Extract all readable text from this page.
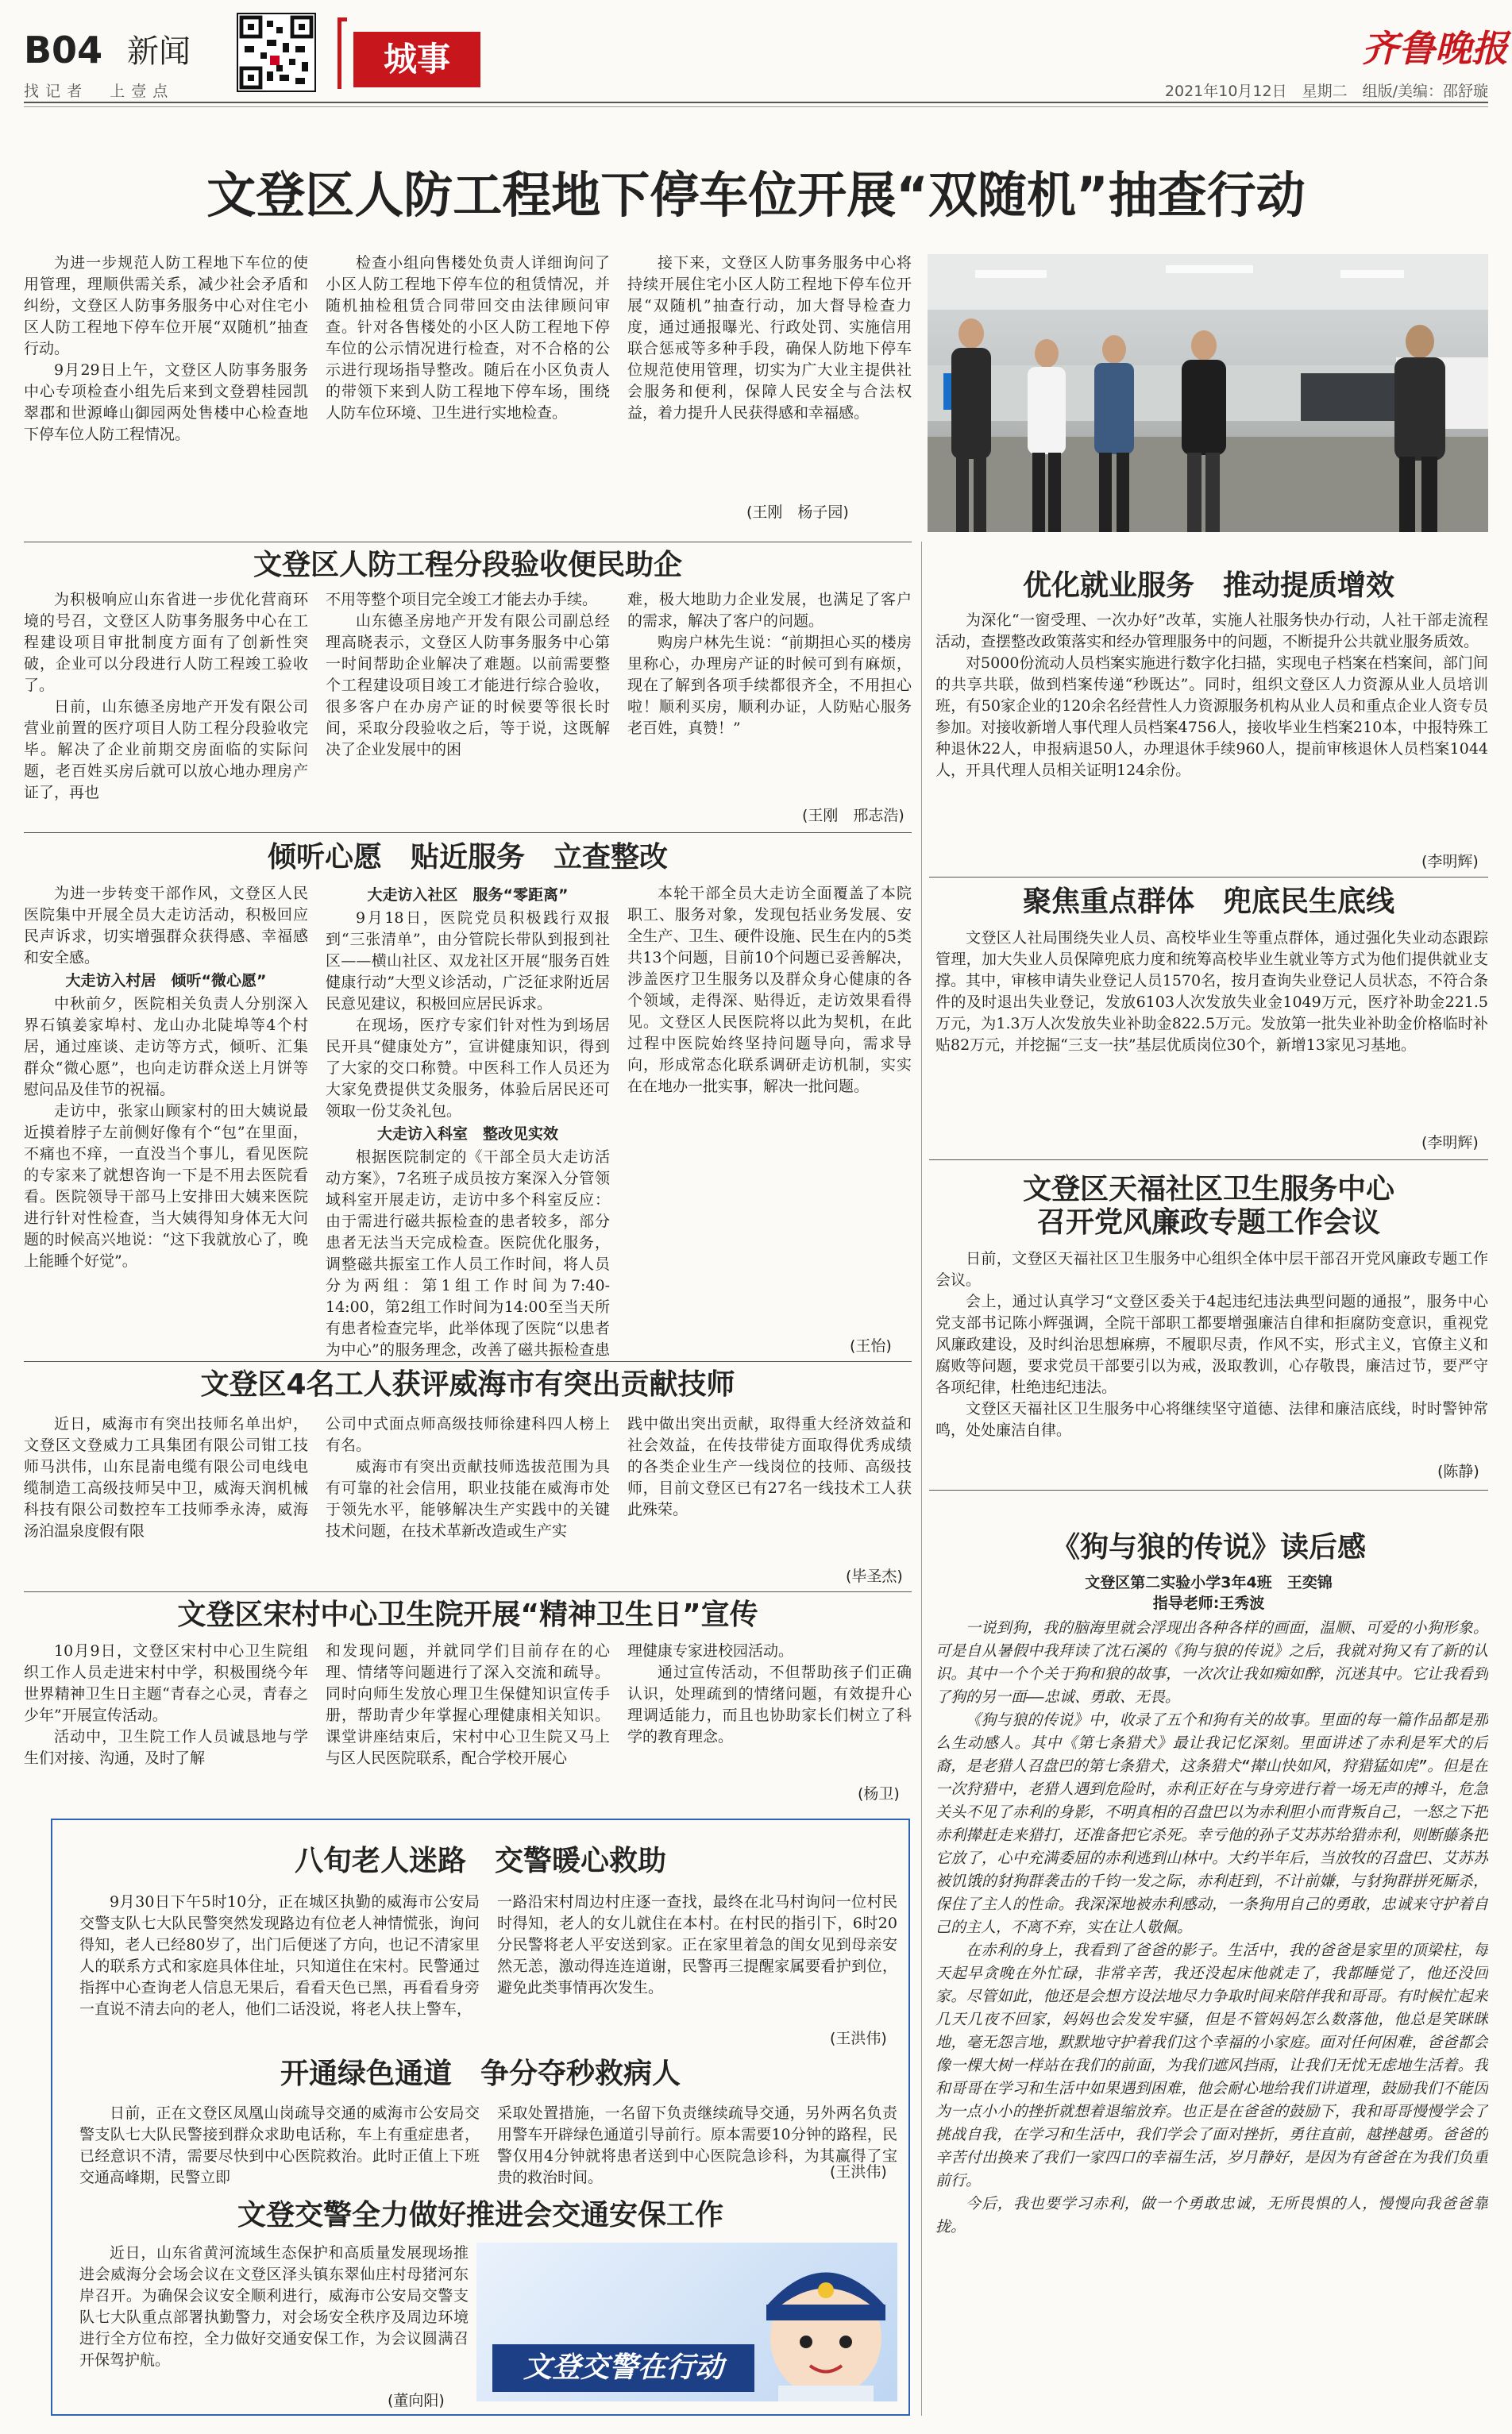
B04 新闻
找 记 者 　 上 壹 点
城事	齐鲁晚报
2021年10月12日　星期二　组版/美编：邵舒璇
文登区人防工程地下停车位开展“双随机”抽查行动

为进一步规范人防工程地下车位的使用管理，理顺供需关系，减少社会矛盾和纠纷，文登区人防事务服务中心对住宅小区人防工程地下停车位开展“双随机”抽查行动。

9月29日上午，文登区人防事务服务中心专项检查小组先后来到文登碧桂园凯翠郡和世源峰山御园两处售楼中心检查地下停车位人防工程情况。

检查小组向售楼处负责人详细询问了小区人防工程地下停车位的租赁情况，并随机抽检租赁合同带回交由法律顾问审查。针对各售楼处的小区人防工程地下停车位的公示情况进行检查，对不合格的公示进行现场指导整改。随后在小区负责人的带领下来到人防工程地下停车场，围绕人防车位环境、卫生进行实地检查。

接下来，文登区人防事务服务中心将持续开展住宅小区人防工程地下停车位开展“双随机”抽查行动，加大督导检查力度，通过通报曝光、行政处罚、实施信用联合惩戒等多种手段，确保人防地下停车位规范使用管理，切实为广大业主提供社会服务和便利，保障人民安全与合法权益，着力提升人民获得感和幸福感。

(王刚　杨子园)
文登区人防工程分段验收便民助企

为积极响应山东省进一步优化营商环境的号召，文登区人防事务服务中心在工程建设项目审批制度方面有了创新性突破，企业可以分段进行人防工程竣工验收了。

日前，山东德圣房地产开发有限公司营业前置的医疗项目人防工程分段验收完毕。解决了企业前期交房面临的实际问题，老百姓买房后就可以放心地办理房产证了，再也

不用等整个项目完全竣工才能去办手续。

山东德圣房地产开发有限公司副总经理高晓表示，文登区人防事务服务中心第一时间帮助企业解决了难题。以前需要整个工程建设项目竣工才能进行综合验收，很多客户在办房产证的时候要等很长时间，采取分段验收之后，等于说，这既解决了企业发展中的困

难，极大地助力企业发展，也满足了客户的需求，解决了客户的问题。

购房户林先生说：“前期担心买的楼房里称心，办理房产证的时候可到有麻烦，现在了解到各项手续都很齐全，不用担心啦！顺利买房，顺利办证，人防贴心服务老百姓，真赞！”

(王刚　邢志浩)
倾听心愿　贴近服务　立查整改

为进一步转变干部作风，文登区人民医院集中开展全员大走访活动，积极回应民声诉求，切实增强群众获得感、幸福感和安全感。

大走访入村居　倾听“微心愿”

中秋前夕，医院相关负责人分别深入界石镇姜家埠村、龙山办北陡埠等4个村居，通过座谈、走访等方式，倾听、汇集群众“微心愿”，也向走访群众送上月饼等慰问品及佳节的祝福。

走访中，张家山顾家村的田大姨说最近摸着脖子左前侧好像有个“包”在里面，不痛也不痒，一直没当个事儿，看见医院的专家来了就想咨询一下是不用去医院看看。医院领导干部马上安排田大姨来医院进行针对性检查，当大姨得知身体无大问题的时候高兴地说：“这下我就放心了，晚上能睡个好觉”。

大走访入社区　服务“零距离”

9月18日，医院党员积极践行双报到“三张清单”，由分管院长带队到报到社区——横山社区、双龙社区开展“服务百姓健康行动”大型义诊活动，广泛征求附近居民意见建议，积极回应居民诉求。

在现场，医疗专家们针对性为到场居民开具“健康处方”，宣讲健康知识，得到了大家的交口称赞。中医科工作人员还为大家免费提供艾灸服务，体验后居民还可领取一份艾灸礼包。

大走访入科室　整改见实效

根据医院制定的《干部全员大走访活动方案》，7名班子成员按方案深入分管领域科室开展走访，走访中多个科室反应：由于需进行磁共振检查的患者较多，部分患者无法当天完成检查。医院优化服务，调整磁共振室工作人员工作时间，将人员分为两组：第1组工作时间为7:40-14:00，第2组工作时间为14:00至当天所有患者检查完毕，此举体现了医院“以患者为中心”的服务理念，改善了磁共振检查患

本轮干部全员大走访全面覆盖了本院职工、服务对象，发现包括业务发展、安全生产、卫生、硬件设施、民生在内的5类共13个问题，目前10个问题已妥善解决，涉盖医疗卫生服务以及群众身心健康的各个领域，走得深、贴得近，走访效果看得见。文登区人民医院将以此为契机，在此过程中医院始终坚持问题导向，需求导向，形成常态化联系调研走访机制，实实在在地办一批实事，解决一批问题。

(王怡)
文登区4名工人获评威海市有突出贡献技师

近日，威海市有突出技师名单出炉，文登区文登威力工具集团有限公司钳工技师马洪伟，山东昆嵛电缆有限公司电线电缆制造工高级技师吴中卫，威海天润机械科技有限公司数控车工技师季永涛，威海汤泊温泉度假有限

公司中式面点师高级技师徐建科四人榜上有名。

威海市有突出贡献技师选拔范围为具有可靠的社会信用，职业技能在威海市处于领先水平，能够解决生产实践中的关键技术问题，在技术革新改造或生产实

践中做出突出贡献，取得重大经济效益和社会效益，在传技带徒方面取得优秀成绩的各类企业生产一线岗位的技师、高级技师，目前文登区已有27名一线技术工人获此殊荣。

(毕圣杰)
文登区宋村中心卫生院开展“精神卫生日”宣传

10月9日，文登区宋村中心卫生院组织工作人员走进宋村中学，积极围绕今年世界精神卫生日主题“青春之心灵，青春之少年”开展宣传活动。

活动中，卫生院工作人员诚恳地与学生们对接、沟通，及时了解

和发现问题，并就同学们目前存在的心理、情绪等问题进行了深入交流和疏导。同时向师生发放心理卫生保健知识宣传手册，帮助青少年掌握心理健康相关知识。课堂讲座结束后，宋村中心卫生院又马上与区人民医院联系，配合学校开展心

理健康专家进校园活动。

通过宣传活动，不但帮助孩子们正确认识，处理疏到的情绪问题，有效提升心理调适能力，而且也协助家长们树立了科学的教育理念。

(杨卫)
八旬老人迷路　交警暖心救助

9月30日下午5时10分，正在城区执勤的威海市公安局交警支队七大队民警突然发现路边有位老人神情慌张，询问得知，老人已经80岁了，出门后便迷了方向，也记不清家里人的联系方式和家庭具体住址，只知道住在宋村。民警通过指挥中心查询老人信息无果后，看看天色已黑，再看看身旁一直说不清去向的老人，他们二话没说，将老人扶上警车，

一路沿宋村周边村庄逐一查找，最终在北马村询问一位村民时得知，老人的女儿就住在本村。在村民的指引下，6时20分民警将老人平安送到家。正在家里着急的闺女见到母亲安然无恙，激动得连连道谢，民警再三提醒家属要看护到位，避免此类事情再次发生。

(王洪伟)
开通绿色通道　争分夺秒救病人

日前，正在文登区凤凰山岗疏导交通的威海市公安局交警支队七大队民警接到群众求助电话称，车上有重症患者，已经意识不清，需要尽快到中心医院救治。此时正值上下班交通高峰期，民警立即

采取处置措施，一名留下负责继续疏导交通，另外两名负责用警车开辟绿色通道引导前行。原本需要10分钟的路程，民警仅用4分钟就将患者送到中心医院急诊科，为其赢得了宝贵的救治时间。	(王洪伟)
文登交警全力做好推进会交通安保工作

近日，山东省黄河流域生态保护和高质量发展现场推进会威海分会场会议在文登区泽头镇东翠仙庄村母猪河东岸召开。为确保会议安全顺利进行，威海市公安局交警支队七大队重点部署执勤警力，对会场安全秩序及周边环境进行全方位布控，全力做好交通安保工作，为会议圆满召开保驾护航。

(董向阳)
文登交警在行动
优化就业服务　推动提质增效

为深化“一窗受理、一次办好”改革，实施人社服务快办行动，人社干部走流程活动，查摆整改政策落实和经办管理服务中的问题，不断提升公共就业服务质效。

对5000份流动人员档案实施进行数字化扫描，实现电子档案在档案间，部门间的共享共联，做到档案传递“秒既达”。同时，组织文登区人力资源从业人员培训班，有50家企业的120余名经营性人力资源服务机构从业人员和重点企业人资专员参加。对接收新增人事代理人员档案4756人，接收毕业生档案210本，中报特殊工种退休22人，申报病退50人，办理退休手续960人，提前审核退休人员档案1044人，开具代理人员相关证明124余份。

(李明辉)
聚焦重点群体　兜底民生底线

文登区人社局围绕失业人员、高校毕业生等重点群体，通过强化失业动态跟踪管理，加大失业人员保障兜底力度和统筹高校毕业生就业等方式为他们提供就业支撑。其中，审核申请失业登记人员1570名，按月查询失业登记人员状态，不符合条件的及时退出失业登记，发放6103人次发放失业金1049万元，医疗补助金221.5万元，为1.3万人次发放失业补助金822.5万元。发放第一批失业补助金价格临时补贴82万元，并挖掘“三支一扶”基层优质岗位30个，新增13家见习基地。

(李明辉)
文登区天福社区卫生服务中心
召开党风廉政专题工作会议

日前，文登区天福社区卫生服务中心组织全体中层干部召开党风廉政专题工作会议。

会上，通过认真学习“文登区委关于4起违纪违法典型问题的通报”，服务中心党支部书记陈小辉强调，全院干部职工都要增强廉洁自律和拒腐防变意识，重视党风廉政建设，及时纠治思想麻痹，不履职尽责，作风不实，形式主义，官僚主义和腐败等问题，要求党员干部要引以为戒，汲取教训，心存敬畏，廉洁过节，要严守各项纪律，杜绝违纪违法。

文登区天福社区卫生服务中心将继续坚守道德、法律和廉洁底线，时时警钟常鸣，处处廉洁自律。

(陈静)
《狗与狼的传说》读后感
文登区第二实验小学3年4班　王奕锦
指导老师:王秀波

一说到狗，我的脑海里就会浮现出各种各样的画面，温顺、可爱的小狗形象。可是自从暑假中我拜读了沈石溪的《狗与狼的传说》之后，我就对狗又有了新的认识。其中一个个关于狗和狼的故事，一次次让我如痴如醉，沉迷其中。它让我看到了狗的另一面——忠诚、勇敢、无畏。

《狗与狼的传说》中，收录了五个和狗有关的故事。里面的每一篇作品都是那么生动感人。其中《第七条猎犬》最让我记忆深刻。里面讲述了赤利是军犬的后裔，是老猎人召盘巴的第七条猎犬，这条猎犬“撵山快如风，狩猎猛如虎”。但是在一次狩猎中，老猎人遇到危险时，赤利正好在与身旁进行着一场无声的搏斗，危急关头不见了赤利的身影，不明真相的召盘巴以为赤利胆小而背叛自己，一怒之下把赤利撵赶走来猎打，还准备把它杀死。幸亏他的孙子艾苏苏给猎赤利，则断藤条把它放了，心中充满委屈的赤利逃到山林中。大约半年后，当放牧的召盘巴、艾苏苏被饥饿的豺狗群袭击的千钧一发之际，赤利赶到，不计前嫌，与豺狗群拼死厮杀，保住了主人的性命。我深深地被赤利感动，一条狗用自己的勇敢，忠诚来守护着自己的主人，不离不弃，实在让人敬佩。

在赤利的身上，我看到了爸爸的影子。生活中，我的爸爸是家里的顶梁柱，每天起早贪晚在外忙碌，非常辛苦，我还没起床他就走了，我都睡觉了，他还没回家。尽管如此，他还是会想方设法地尽力争取时间来陪伴我和哥哥。有时候忙起来几天几夜不回家，妈妈也会发发牢骚，但是不管妈妈怎么数落他，他总是笑眯眯地，毫无怨言地，默默地守护着我们这个幸福的小家庭。面对任何困难，爸爸都会像一棵大树一样站在我们的前面，为我们遮风挡雨，让我们无忧无虑地生活着。我和哥哥在学习和生活中如果遇到困难，他会耐心地给我们讲道理，鼓励我们不能因为一点小小的挫折就想着退缩放弃。也正是在爸爸的鼓励下，我和哥哥慢慢学会了挑战自我，在学习和生活中，我们学会了面对挫折，勇往直前，越挫越勇。爸爸的辛苦付出换来了我们一家四口的幸福生活，岁月静好，是因为有爸爸在为我们负重前行。

今后，我也要学习赤利，做一个勇敢忠诚，无所畏惧的人，慢慢向我爸爸靠拢。
